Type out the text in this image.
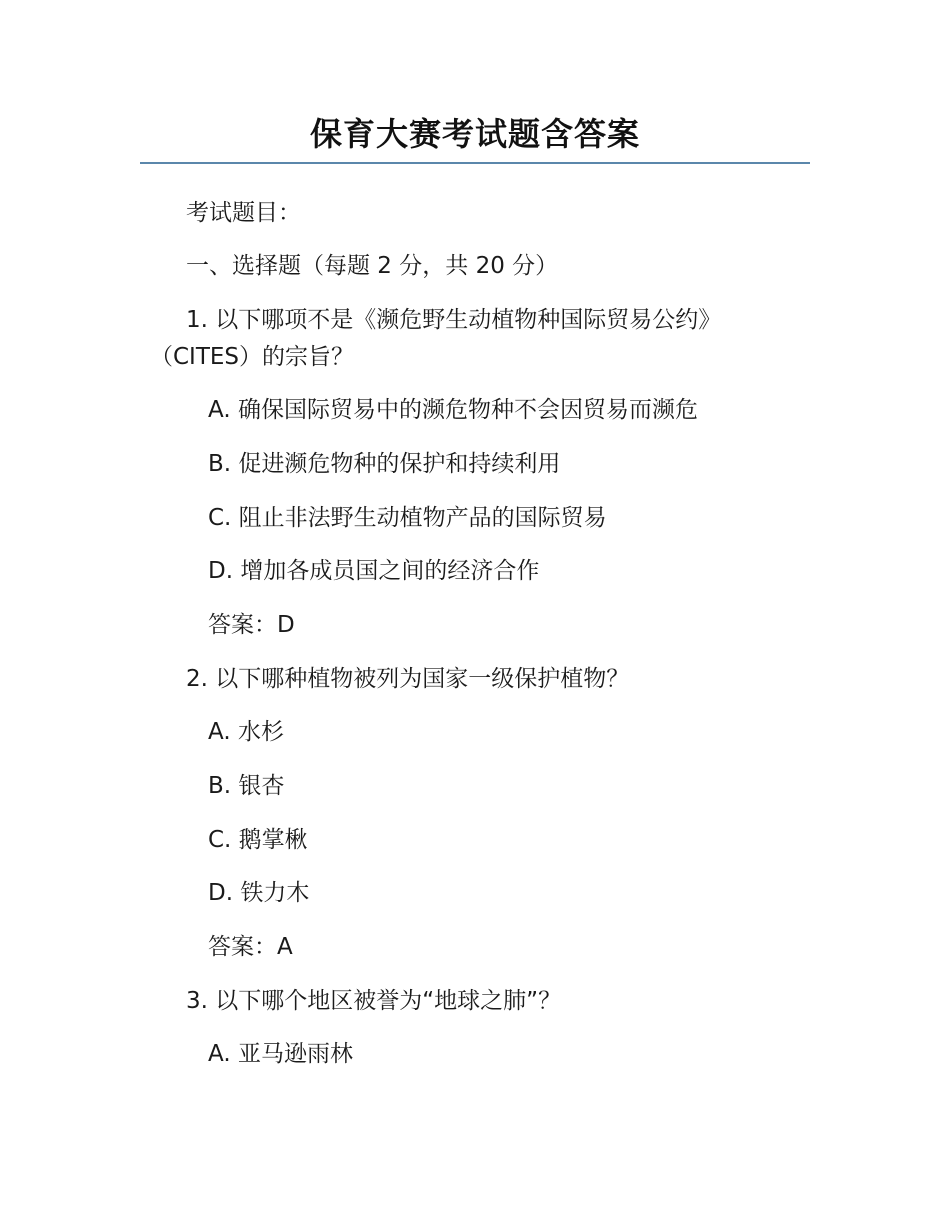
保育大赛考试题含答案

考试题目：

一、选择题（每题 2 分，共 20 分）

1. 以下哪项不是《濒危野生动植物种国际贸易公约》

（CITES）的宗旨？

A. 确保国际贸易中的濒危物种不会因贸易而濒危

B. 促进濒危物种的保护和持续利用

C. 阻止非法野生动植物产品的国际贸易

D. 增加各成员国之间的经济合作

答案：D

2. 以下哪种植物被列为国家一级保护植物？

A. 水杉

B. 银杏

C. 鹅掌楸

D. 铁力木

答案：A

3. 以下哪个地区被誉为“地球之肺”？

A. 亚马逊雨林
